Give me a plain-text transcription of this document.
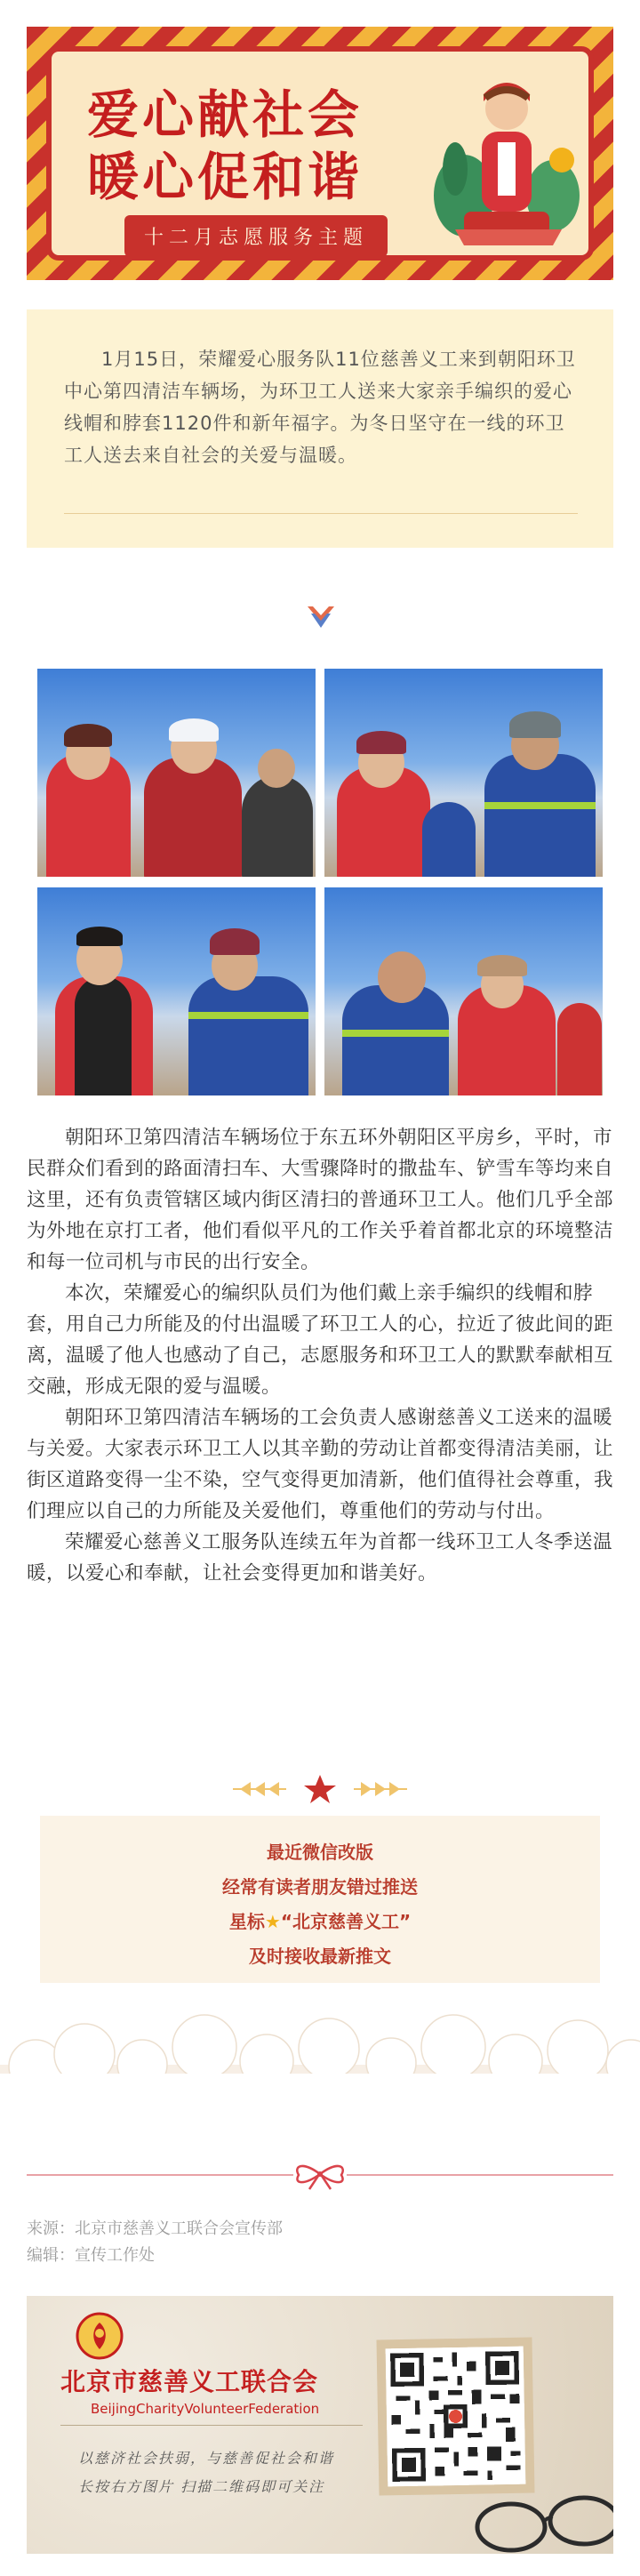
爱心献社会
暖心促和谐
十二月志愿服务主题

1月15日，荣耀爱心服务队11位慈善义工来到朝阳环卫中心第四清洁车辆场，为环卫工人送来大家亲手编织的爱心线帽和脖套1120件和新年福字。为冬日坚守在一线的环卫工人送去来自社会的关爱与温暖。

朝阳环卫第四清洁车辆场位于东五环外朝阳区平房乡，平时，市民群众们看到的路面清扫车、大雪骤降时的撒盐车、铲雪车等均来自这里，还有负责管辖区域内街区清扫的普通环卫工人。他们几乎全部为外地在京打工者，他们看似平凡的工作关乎着首都北京的环境整洁和每一位司机与市民的出行安全。

本次，荣耀爱心的编织队员们为他们戴上亲手编织的线帽和脖套，用自己力所能及的付出温暖了环卫工人的心，拉近了彼此间的距离，温暖了他人也感动了自己，志愿服务和环卫工人的默默奉献相互交融，形成无限的爱与温暖。

朝阳环卫第四清洁车辆场的工会负责人感谢慈善义工送来的温暖与关爱。大家表示环卫工人以其辛勤的劳动让首都变得清洁美丽，让街区道路变得一尘不染，空气变得更加清新，他们值得社会尊重，我们理应以自己的力所能及关爱他们，尊重他们的劳动与付出。

荣耀爱心慈善义工服务队连续五年为首都一线环卫工人冬季送温暖，以爱心和奉献，让社会变得更加和谐美好。

最近微信改版

经常有读者朋友错过推送

星标★“北京慈善义工”

及时接收最新推文

来源：北京市慈善义工联合会宣传部
编辑：宣传工作处
北京市慈善义工联合会
BeijingCharityVolunteerFederation
以慈济社会扶弱，与慈善促社会和谐
长按右方图片 扫描二维码即可关注
